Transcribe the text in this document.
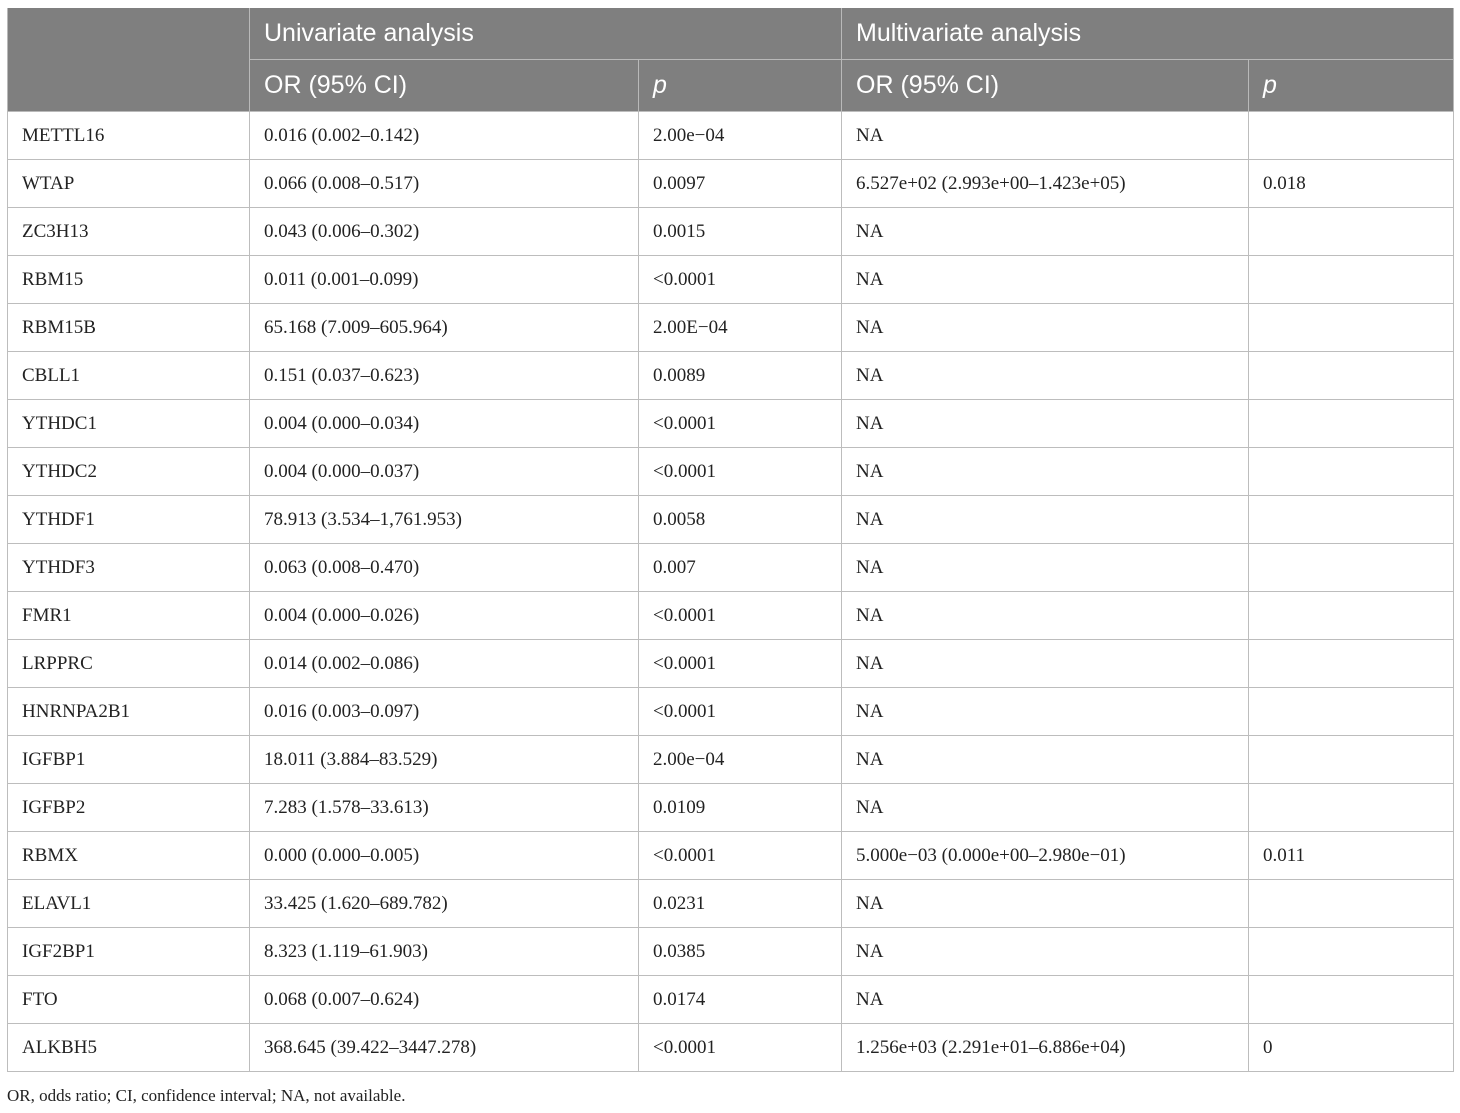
	Univariate analysis		Multivariate analysis	
	OR (95% CI)	p	OR (95% CI)	p
METTL16	0.016 (0.002–0.142)	2.00e−04	NA	
WTAP	0.066 (0.008–0.517)	0.0097	6.527e+02 (2.993e+00–1.423e+05)	0.018
ZC3H13	0.043 (0.006–0.302)	0.0015	NA	
RBM15	0.011 (0.001–0.099)	<0.0001	NA	
RBM15B	65.168 (7.009–605.964)	2.00E−04	NA	
CBLL1	0.151 (0.037–0.623)	0.0089	NA	
YTHDC1	0.004 (0.000–0.034)	<0.0001	NA	
YTHDC2	0.004 (0.000–0.037)	<0.0001	NA	
YTHDF1	78.913 (3.534–1,761.953)	0.0058	NA	
YTHDF3	0.063 (0.008–0.470)	0.007	NA	
FMR1	0.004 (0.000–0.026)	<0.0001	NA	
LRPPRC	0.014 (0.002–0.086)	<0.0001	NA	
HNRNPA2B1	0.016 (0.003–0.097)	<0.0001	NA	
IGFBP1	18.011 (3.884–83.529)	2.00e−04	NA	
IGFBP2	7.283 (1.578–33.613)	0.0109	NA	
RBMX	0.000 (0.000–0.005)	<0.0001	5.000e−03 (0.000e+00–2.980e−01)	0.011
ELAVL1	33.425 (1.620–689.782)	0.0231	NA	
IGF2BP1	8.323 (1.119–61.903)	0.0385	NA	
FTO	0.068 (0.007–0.624)	0.0174	NA	
ALKBH5	368.645 (39.422–3447.278)	<0.0001	1.256e+03 (2.291e+01–6.886e+04)	0
OR, odds ratio; CI, confidence interval; NA, not available.
